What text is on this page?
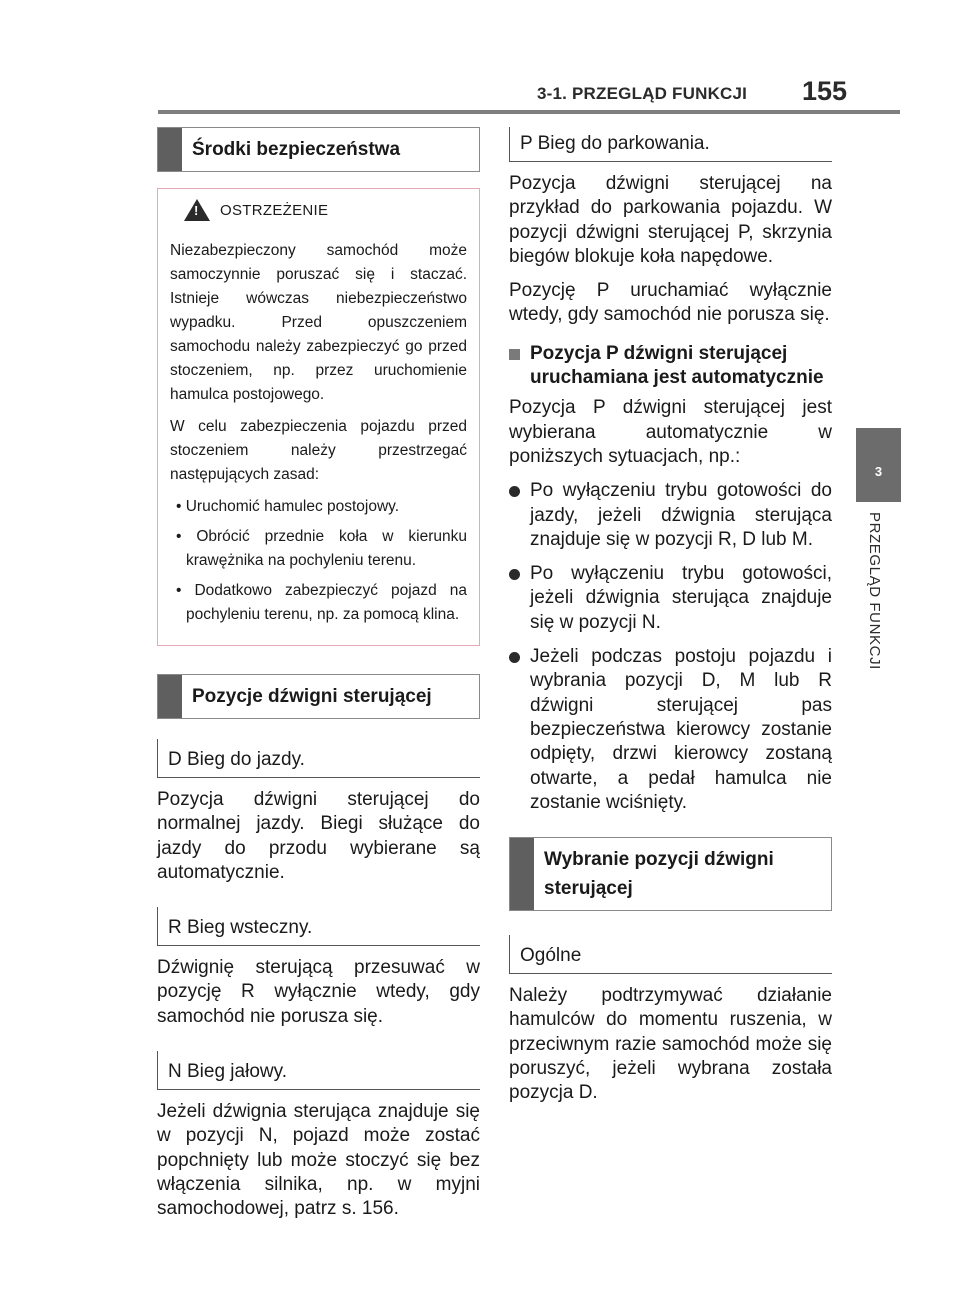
3-1. PRZEGLĄD FUNKCJI 155
3
PRZEGLĄD FUNKCJI
Środki bezpieczeństwa
!
OSTRZEŻENIE

Niezabezpieczony samochód może samoczynnie poruszać się i staczać. Istnieje wówczas niebezpieczeństwo wypadku. Przed opuszczeniem samochodu należy zabezpieczyć go przed stoczeniem, np. przez uruchomienie hamulca postojowego.

W celu zabezpieczenia pojazdu przed stoczeniem należy przestrzegać następujących zasad:

• Uruchomić hamulec postojowy.

• Obrócić przednie koła w kierunku krawężnika na pochyleniu terenu.

• Dodatkowo zabezpieczyć pojazd na pochyleniu terenu, np. za pomocą klina.

Pozycje dźwigni sterującej
D Bieg do jazdy.

Pozycja dźwigni sterującej do normalnej jazdy. Biegi służące do jazdy do przodu wybierane są automatycznie.

R Bieg wsteczny.

Dźwignię sterującą przesuwać w pozycję R wyłącznie wtedy, gdy samochód nie porusza się.

N Bieg jałowy.

Jeżeli dźwignia sterująca znajduje się w pozycji N, pojazd może zostać popchnięty lub może stoczyć się bez włączenia silnika, np. w myjni samochodowej, patrz s. 156.

P Bieg do parkowania.

Pozycja dźwigni sterującej na przykład do parkowania pojazdu. W pozycji dźwigni sterującej P, skrzynia biegów blokuje koła napędowe.

Pozycję P uruchamiać wyłącznie wtedy, gdy samochód nie porusza się.

Pozycja P dźwigni sterującej uruchamiana jest automatycznie

Pozycja P dźwigni sterującej jest wybierana automatycznie w poniższych sytuacjach, np.:

Po wyłączeniu trybu gotowości do jazdy, jeżeli dźwignia sterująca znajduje się w pozycji R, D lub M.
Po wyłączeniu trybu gotowości, jeżeli dźwignia sterująca znajduje się w pozycji N.
Jeżeli podczas postoju pojazdu i wybrania pozycji D, M lub R dźwigni sterującej pas bezpieczeństwa kierowcy zostanie odpięty, drzwi kierowcy zostaną otwarte, a pedał hamulca nie zostanie wciśnięty.
Wybranie pozycji dźwigni sterującej
Ogólne

Należy podtrzymywać działanie hamulców do momentu ruszenia, w przeciwnym razie samochód może się poruszyć, jeżeli wybrana została pozycja D.
